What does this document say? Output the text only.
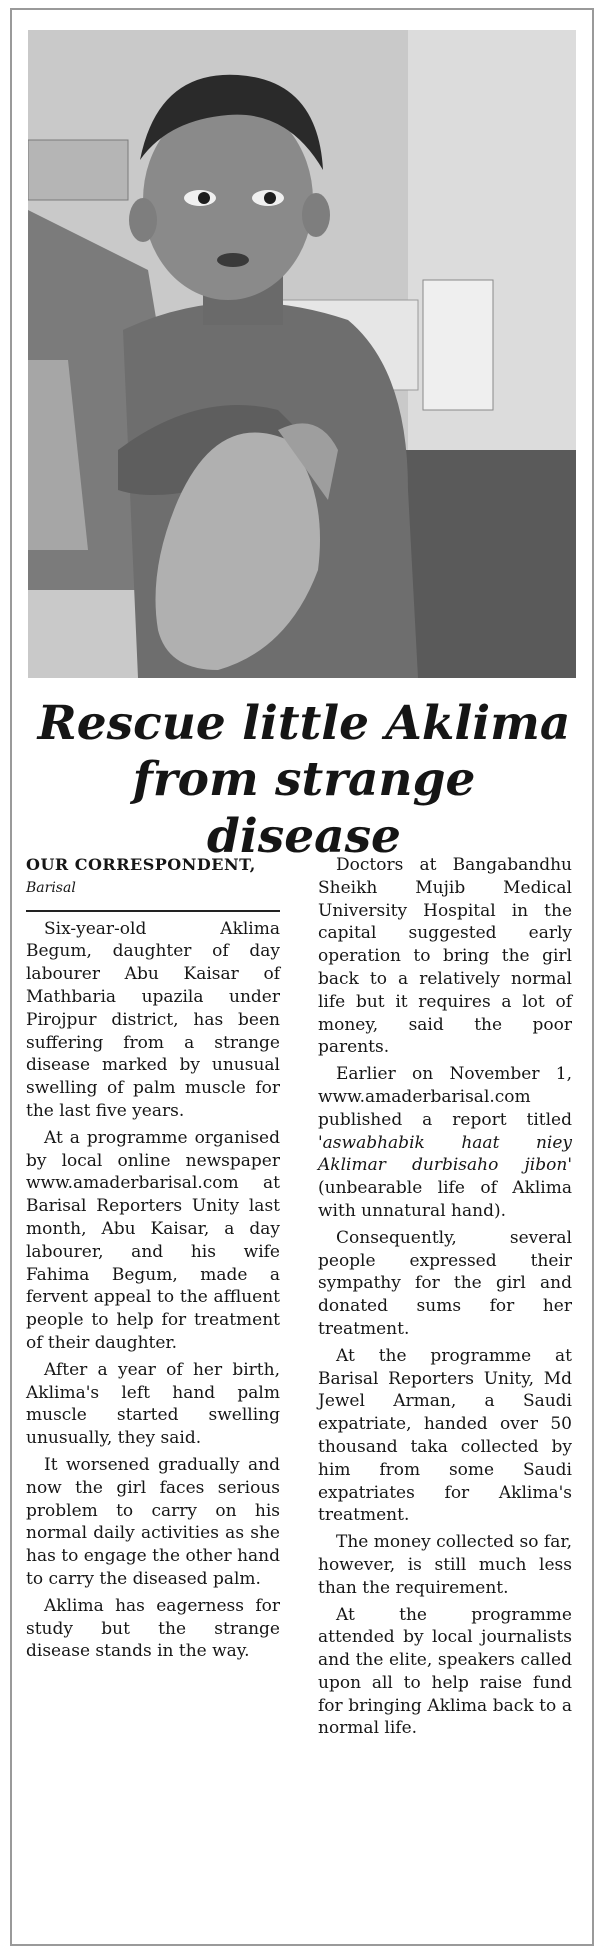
Rescue little Aklima
from strange disease
OUR CORRESPONDENT,
Barisal

Six-year-old Aklima Begum, daughter of day labourer Abu Kaisar of Mathbaria upazila under Pirojpur district, has been suffering from a strange disease marked by unusual swelling of palm muscle for the last five years.

At a programme organised by local online newspaper www.amaderbarisal.com at Barisal Reporters Unity last month, Abu Kaisar, a day labourer, and his wife Fahima Begum, made a fervent appeal to the affluent people to help for treatment of their daughter.

After a year of her birth, Aklima's left hand palm muscle started swelling unusually, they said.

It worsened gradually and now the girl faces serious problem to carry on his normal daily activities as she has to engage the other hand to carry the diseased palm.

Aklima has eagerness for study but the strange disease stands in the way.

Doctors at Bangabandhu Sheikh Mujib Medical University Hospital in the capital suggested early operation to bring the girl back to a relatively normal life but it requires a lot of money, said the poor parents.

Earlier on November 1, www.amaderbarisal.com published a report titled 'aswabhabik haat niey Aklimar durbisaho jibon' (unbearable life of Aklima with unnatural hand).

Consequently, several people expressed their sympathy for the girl and donated sums for her treatment.

At the programme at Barisal Reporters Unity, Md Jewel Arman, a Saudi expatriate, handed over 50 thousand taka collected by him from some Saudi expatriates for Aklima's treatment.

The money collected so far, however, is still much less than the requirement.

At the programme attended by local journalists and the elite, speakers called upon all to help raise fund for bringing Aklima back to a normal life.
